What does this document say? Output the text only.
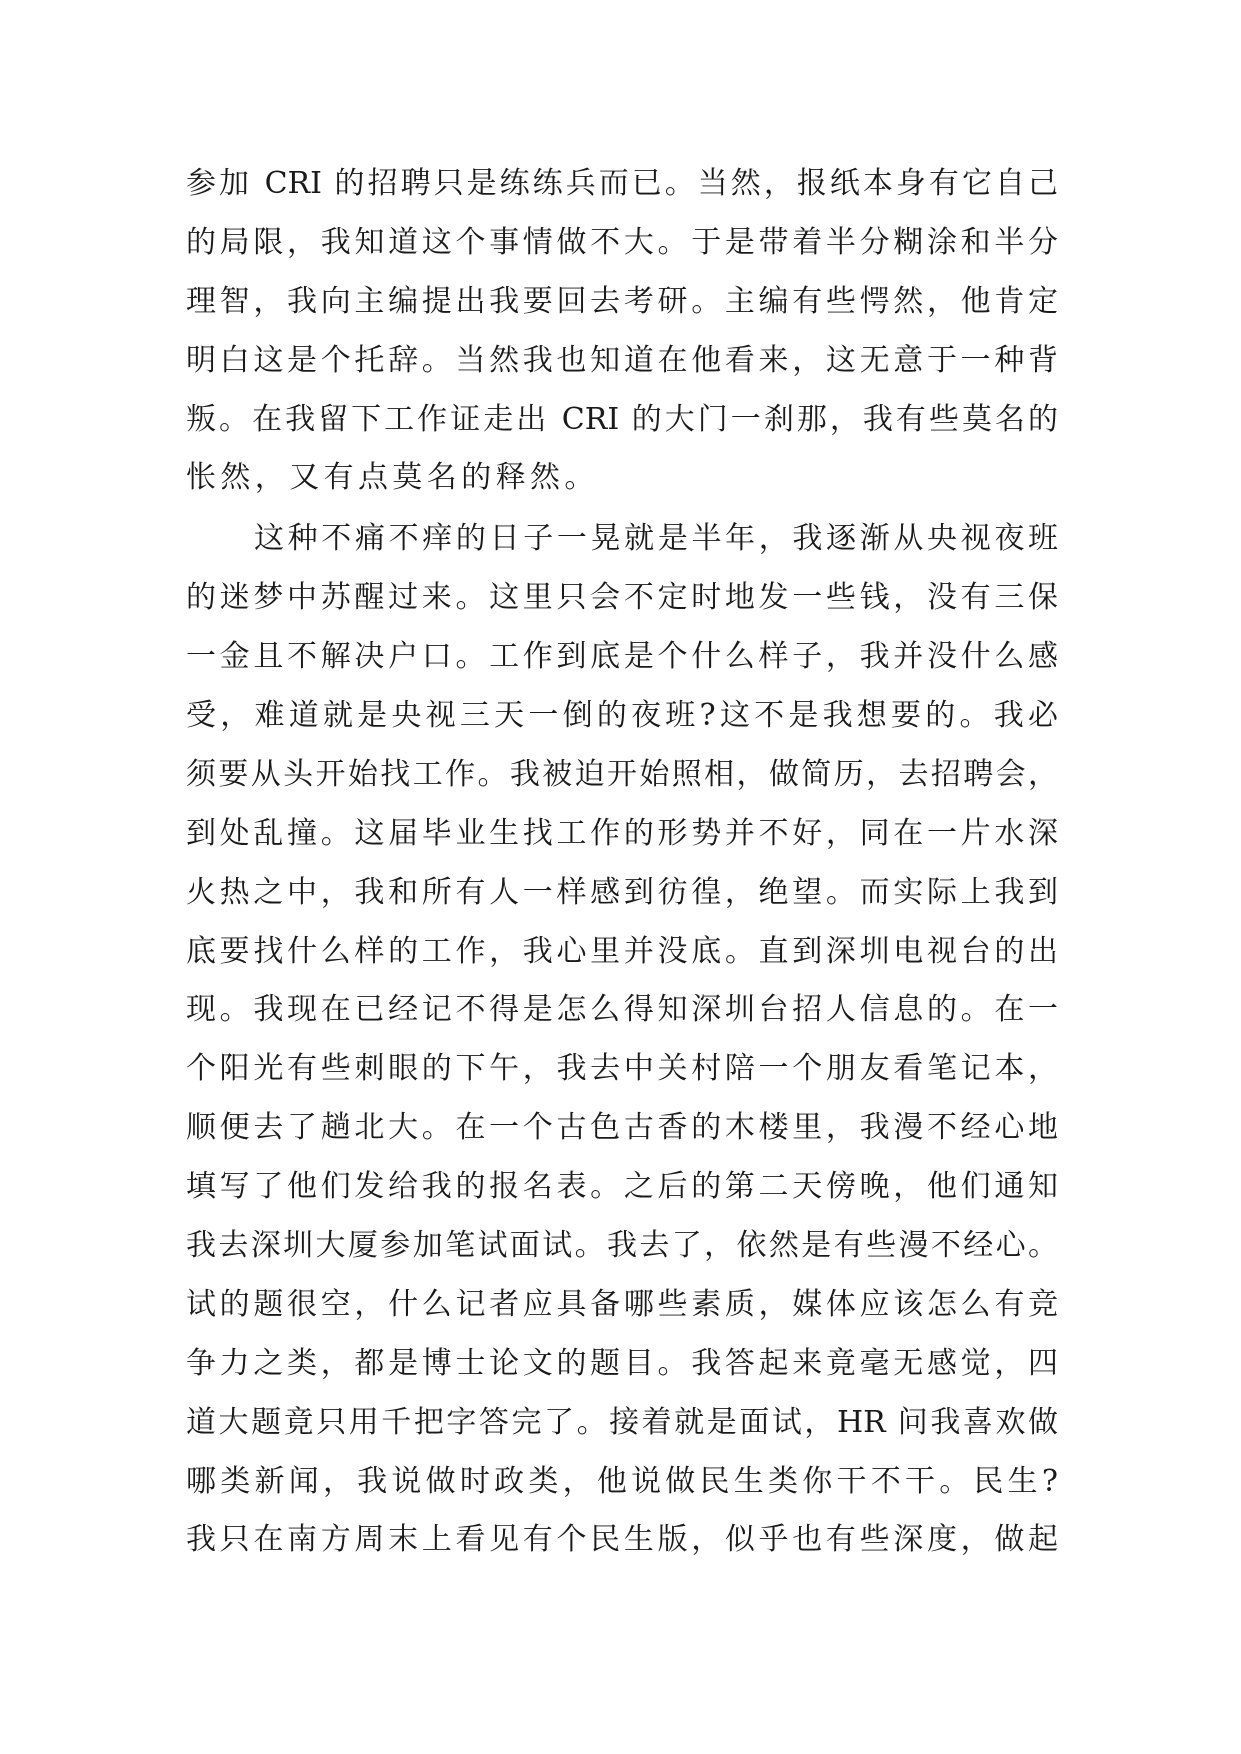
参加 CRI 的招聘只是练练兵而已。当然，报纸本身有它自己
的局限，我知道这个事情做不大。于是带着半分糊涂和半分
理智，我向主编提出我要回去考研。主编有些愕然，他肯定
明白这是个托辞。当然我也知道在他看来，这无意于一种背
叛。在我留下工作证走出 CRI 的大门一刹那，我有些莫名的
怅然，又有点莫名的释然。
这种不痛不痒的日子一晃就是半年，我逐渐从央视夜班
的迷梦中苏醒过来。这里只会不定时地发一些钱，没有三保
一金且不解决户口。工作到底是个什么样子，我并没什么感
受，难道就是央视三天一倒的夜班?这不是我想要的。我必
须要从头开始找工作。我被迫开始照相，做简历，去招聘会，
到处乱撞。这届毕业生找工作的形势并不好，同在一片水深
火热之中，我和所有人一样感到彷徨，绝望。而实际上我到
底要找什么样的工作，我心里并没底。直到深圳电视台的出
现。我现在已经记不得是怎么得知深圳台招人信息的。在一
个阳光有些刺眼的下午，我去中关村陪一个朋友看笔记本，
顺便去了趟北大。在一个古色古香的木楼里，我漫不经心地
填写了他们发给我的报名表。之后的第二天傍晚，他们通知
我去深圳大厦参加笔试面试。我去了，依然是有些漫不经心。
试的题很空，什么记者应具备哪些素质，媒体应该怎么有竞
争力之类，都是博士论文的题目。我答起来竟毫无感觉，四
道大题竟只用千把字答完了。接着就是面试，HR 问我喜欢做
哪类新闻，我说做时政类，他说做民生类你干不干。民生?
我只在南方周末上看见有个民生版，似乎也有些深度，做起
